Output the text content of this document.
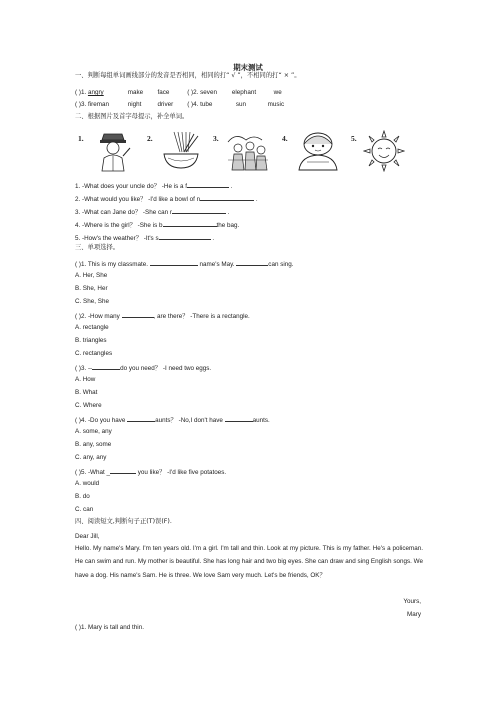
期末测试
一、判断每组单词画线部分的发音是否相同，相同的打“ √ ”，不相同的打“ × ”。
( )1. angry	make face	( )2. seven elephant	we
( )3. fireman	night	driver ( )4. tube	sun	music
二、根据图片及首字母提示，补全单词。
1.	2.	3.	4.	5.
1. -What does your uncle do？ -He is a f	.
2. -What would you like？ -I'd like a bowl of n	.
3. -What can Jane do？ -She can r	.
4. -Where is the girl？ -She is b	the bag.
5. -How's the weather？ -It's s	.
三、单项选择。
( )1. This is my classmate.	name's May.	can sing.
A. Her, She
B. She, Her
C. She, She
( )2. -How many	, are there？ -There is a rectangle.
A. rectangle
B. triangles
C. rectangles
( )3. --	do you need？ -I need two eggs.
A. How
B. What
C. Where
( )4. -Do you have	aunts？ -No,I don't have	aunts.
A. some, any
B. any, some
C. any, any
( )5. -What _	you like？ -I'd like five potatoes.
A. would
B. do
C. can
四、阅读短文,判断句子正(T)误(F).
Dear Jill,
Hello. My name's Mary. I'm ten years old. I'm a girl. I'm tall and thin. Look at my picture. This is my father. He's a policeman. He can swim and run. My mother is beautiful. She has long hair and two big eyes. She can draw and sing English songs. We have a dog. His name's Sam. He is three. We love Sam very much. Let's be friends, OK？
Yours,
Mary
( )1. Mary is tall and thin.
